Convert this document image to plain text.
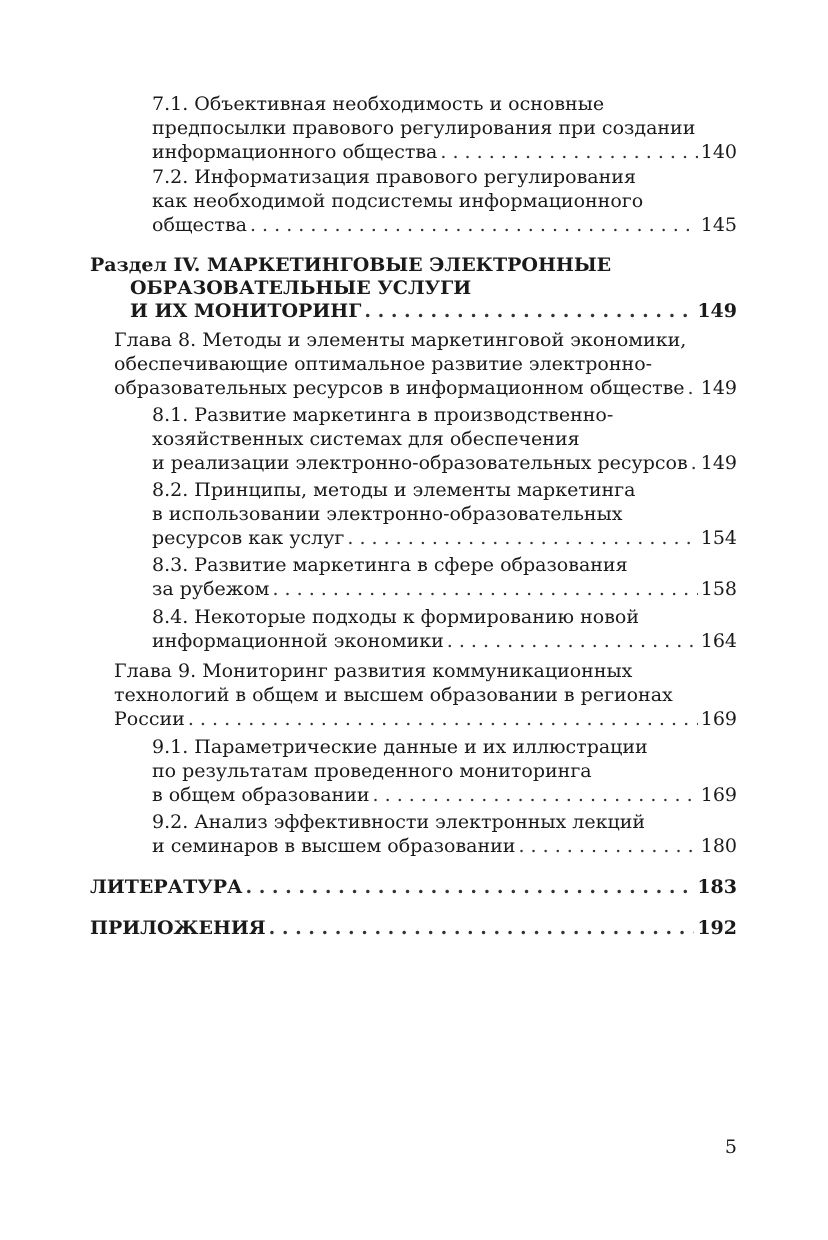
7.1. Объективная необходимость и основные
предпосылки правового регулирования при создании
информационного общества . . .	140
7.2. Информатизация правового регулирования
как необходимой подсистемы информационного
общества . . .	145
Раздел IV. МАРКЕТИНГОВЫЕ ЭЛЕКТРОННЫЕ
ОБРАЗОВАТЕЛЬНЫЕ УСЛУГИ
И ИХ МОНИТОРИНГ . . .	149
Глава 8. Методы и элементы маркетинговой экономики,
обеспечивающие оптимальное развитие электронно-
образовательных ресурсов в информационном обществе . . . 149
8.1. Развитие маркетинга в производственно-
хозяйственных системах для обеспечения
и реализации электронно-образовательных ресурсов . . . 149
8.2. Принципы, методы и элементы маркетинга
в использовании электронно-образовательных
ресурсов как услуг . . .	154
8.3. Развитие маркетинга в сфере образования
за рубежом . . .	158
8.4. Некоторые подходы к формированию новой
информационной экономики . . .	164
Глава 9. Мониторинг развития коммуникационных
технологий в общем и высшем образовании в регионах
России . . .	169
9.1. Параметрические данные и их иллюстрации
по результатам проведенного мониторинга
в общем образовании . . .	169
9.2. Анализ эффективности электронных лекций
и семинаров в высшем образовании . . .	180
ЛИТЕРАТУРА . . .	183
ПРИЛОЖЕНИЯ . . .	192
5
